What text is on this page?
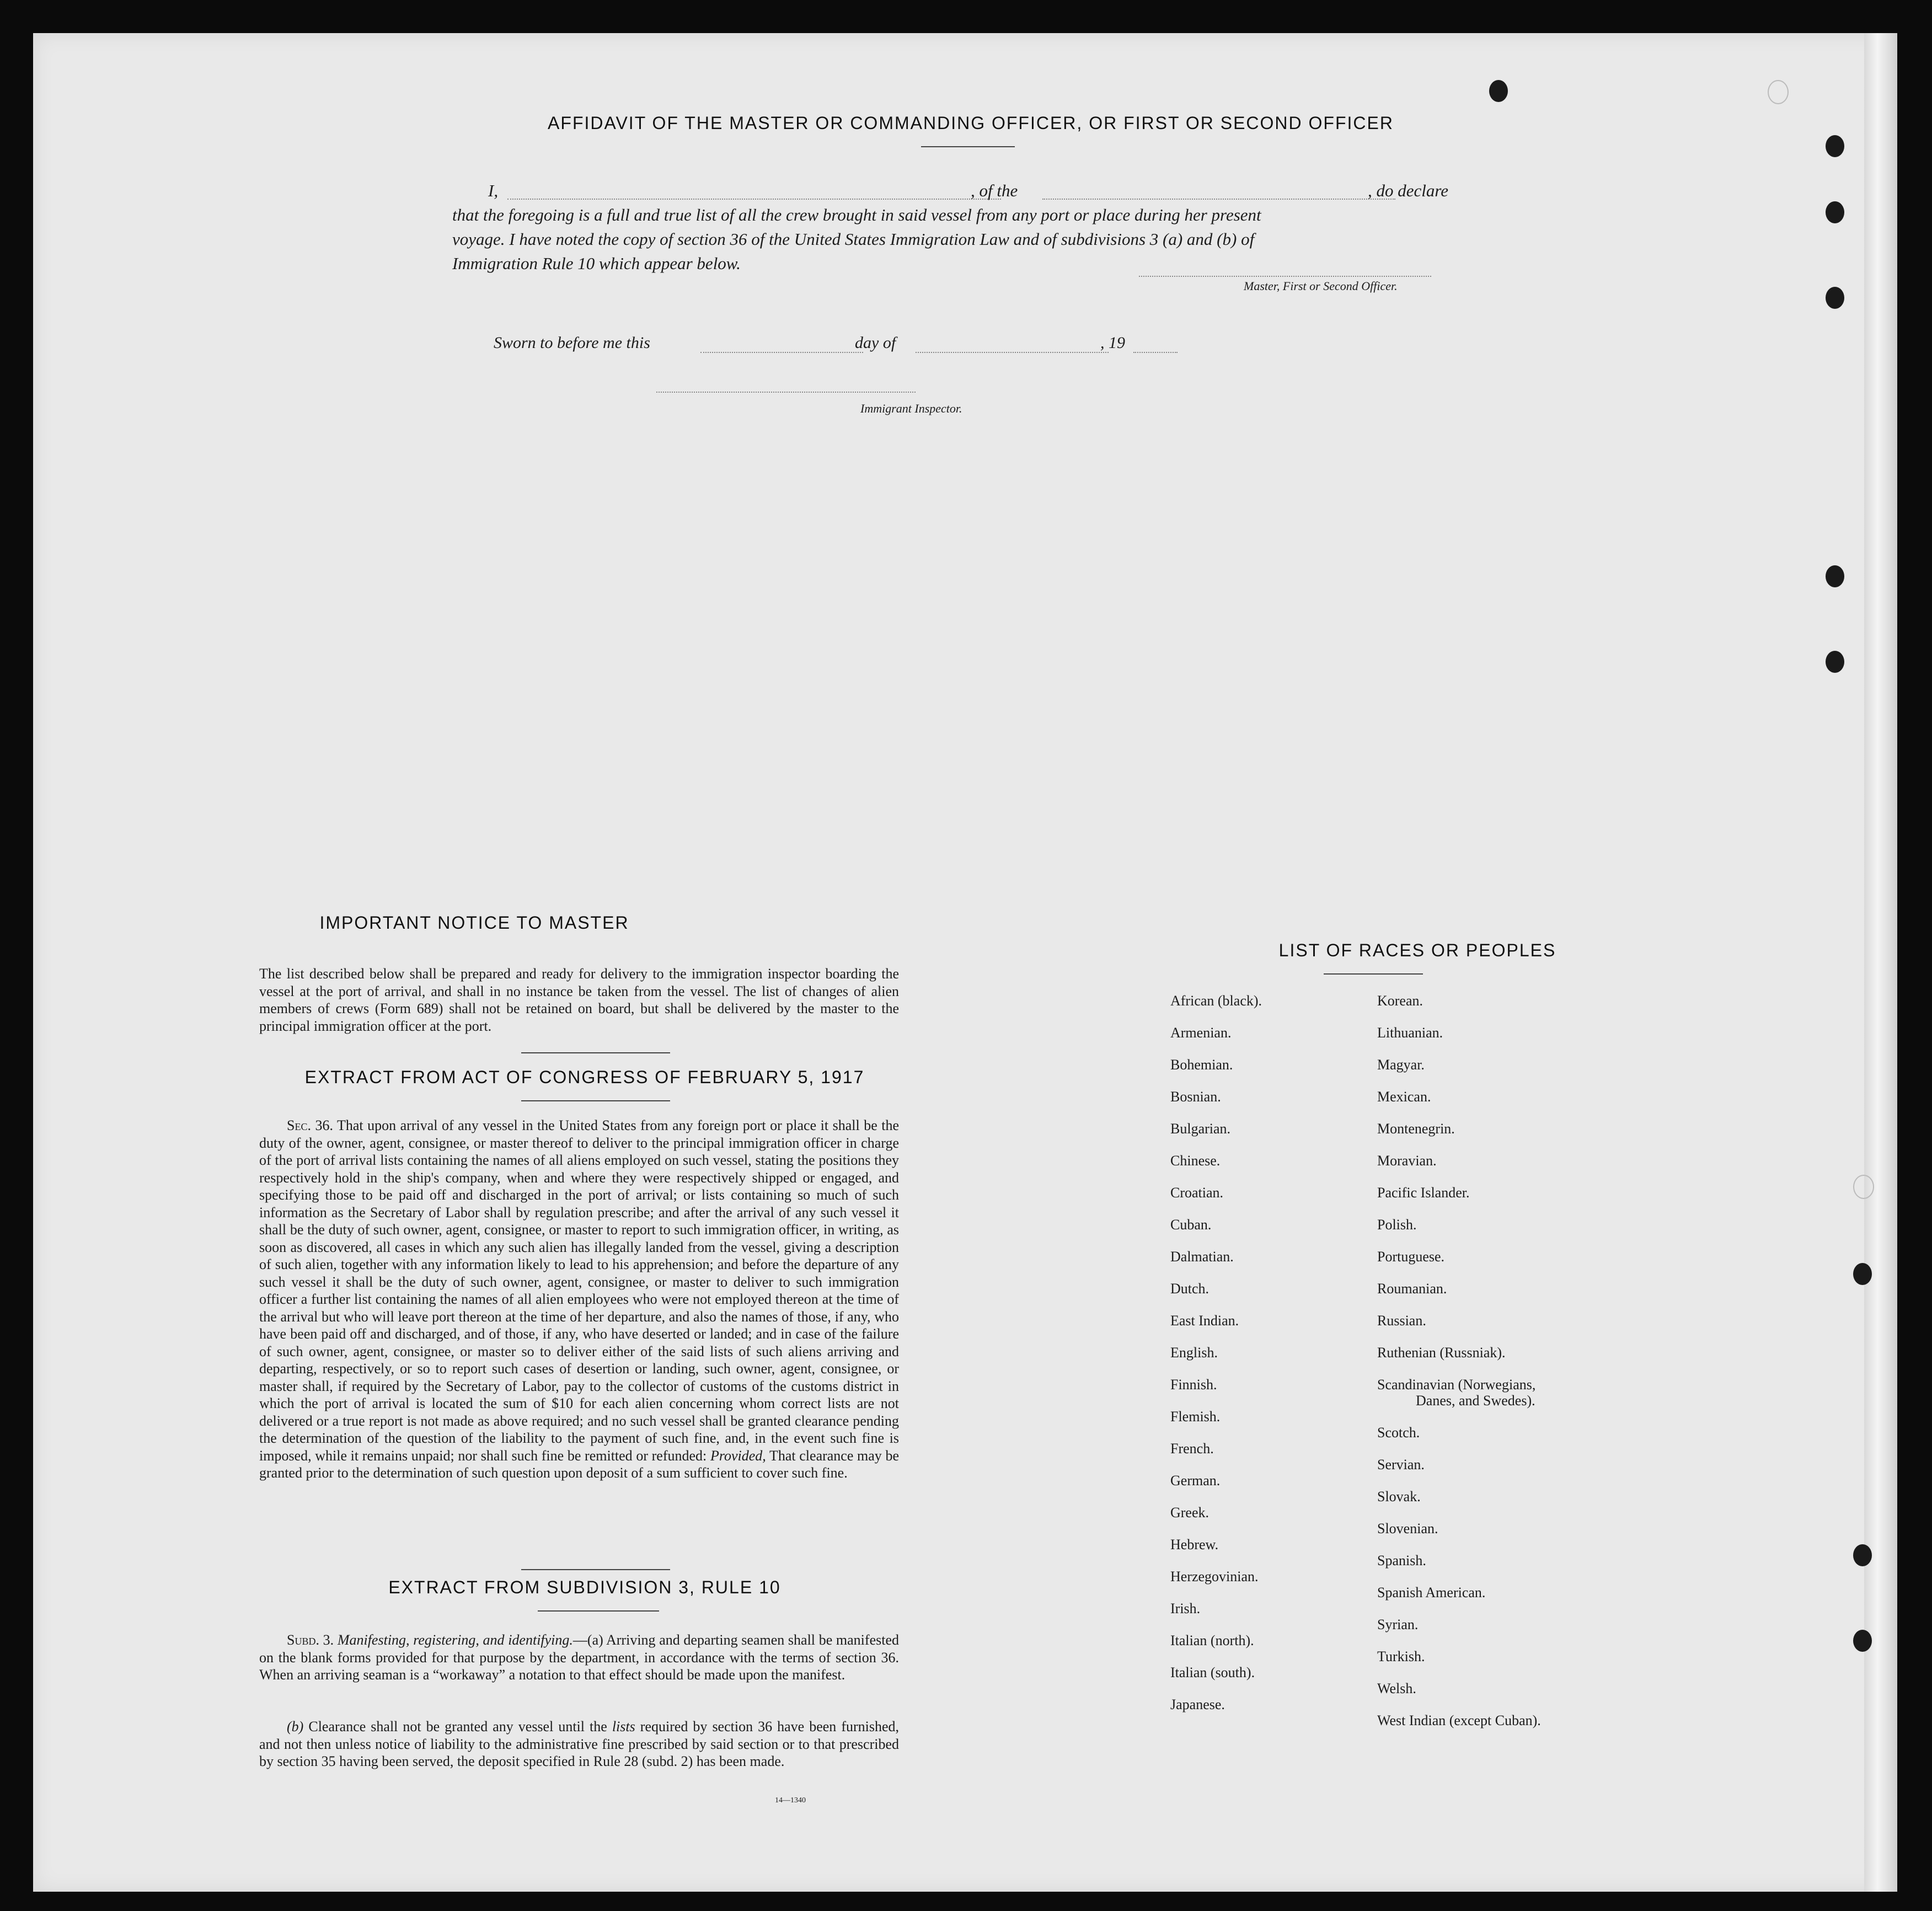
AFFIDAVIT OF THE MASTER OR COMMANDING OFFICER, OR FIRST OR SECOND OFFICER
I,	, of the	, do declare
that the foregoing is a full and true list of all the crew brought in said vessel from any port or place during her present
voyage. I have noted the copy of section 36 of the United States Immigration Law and of subdivisions 3 (a) and (b) of
Immigration Rule 10 which appear below.
Master, First or Second Officer.
Sworn to before me this	day of	, 19
Immigrant Inspector.
IMPORTANT NOTICE TO MASTER
The list described below shall be prepared and ready for delivery to the immigration inspector boarding the vessel at the port of arrival, and shall in no instance be taken from the vessel. The list of changes of alien members of crews (Form 689) shall not be retained on board, but shall be delivered by the master to the principal immigration officer at the port.
EXTRACT FROM ACT OF CONGRESS OF FEBRUARY 5, 1917
Sec. 36. That upon arrival of any vessel in the United States from any foreign port or place it shall be the duty of the owner, agent, consignee, or master thereof to deliver to the principal immigration officer in charge of the port of arrival lists containing the names of all aliens employed on such vessel, stating the positions they respectively hold in the ship's company, when and where they were respectively shipped or engaged, and specifying those to be paid off and discharged in the port of arrival; or lists containing so much of such information as the Secretary of Labor shall by regulation prescribe; and after the arrival of any such vessel it shall be the duty of such owner, agent, consignee, or master to report to such immigration officer, in writing, as soon as discovered, all cases in which any such alien has illegally landed from the vessel, giving a description of such alien, together with any information likely to lead to his apprehension; and before the departure of any such vessel it shall be the duty of such owner, agent, consignee, or master to deliver to such immigration officer a further list containing the names of all alien employees who were not employed thereon at the time of the arrival but who will leave port thereon at the time of her departure, and also the names of those, if any, who have been paid off and discharged, and of those, if any, who have deserted or landed; and in case of the failure of such owner, agent, consignee, or master so to deliver either of the said lists of such aliens arriving and departing, respectively, or so to report such cases of desertion or landing, such owner, agent, consignee, or master shall, if required by the Secretary of Labor, pay to the collector of customs of the customs district in which the port of arrival is located the sum of $10 for each alien concerning whom correct lists are not delivered or a true report is not made as above required; and no such vessel shall be granted clearance pending the determination of the question of the liability to the payment of such fine, and, in the event such fine is imposed, while it remains unpaid; nor shall such fine be remitted or refunded: Provided, That clearance may be granted prior to the determination of such question upon deposit of a sum sufficient to cover such fine.
EXTRACT FROM SUBDIVISION 3, RULE 10
Subd. 3. Manifesting, registering, and identifying.—(a) Arriving and departing seamen shall be manifested on the blank forms provided for that purpose by the department, in accordance with the terms of section 36. When an arriving seaman is a “workaway” a notation to that effect should be made upon the manifest.
(b) Clearance shall not be granted any vessel until the lists required by section 36 have been furnished, and not then unless notice of liability to the administrative fine prescribed by said section or to that prescribed by section 35 having been served, the deposit specified in Rule 28 (subd. 2) has been made.
14—1340
LIST OF RACES OR PEOPLES
African (black).
Armenian.
Bohemian.
Bosnian.
Bulgarian.
Chinese.
Croatian.
Cuban.
Dalmatian.
Dutch.
East Indian.
English.
Finnish.
Flemish.
French.
German.
Greek.
Hebrew.
Herzegovinian.
Irish.
Italian (north).
Italian (south).
Japanese.
Korean.
Lithuanian.
Magyar.
Mexican.
Montenegrin.
Moravian.
Pacific Islander.
Polish.
Portuguese.
Roumanian.
Russian.
Ruthenian (Russniak).
Scandinavian (Norwegians,
Danes, and Swedes).
Scotch.
Servian.
Slovak.
Slovenian.
Spanish.
Spanish American.
Syrian.
Turkish.
Welsh.
West Indian (except Cuban).
